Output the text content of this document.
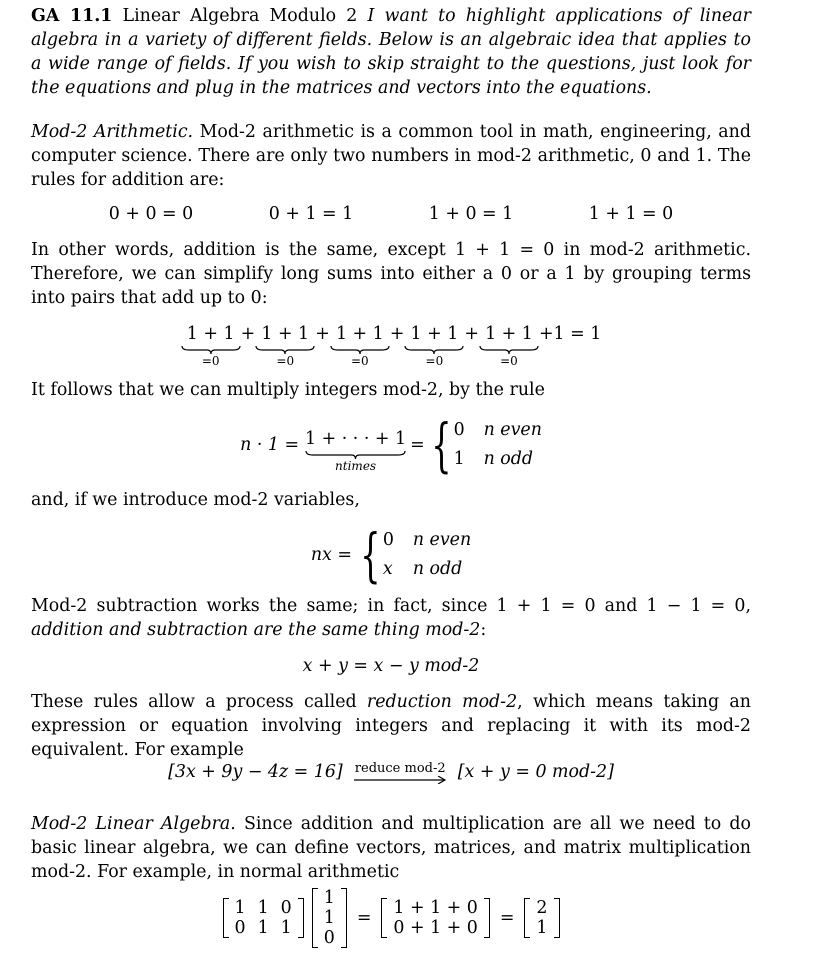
GA 11.1 Linear Algebra Modulo 2 I want to highlight applications of linear algebra in a variety of different fields. Below is an algebraic idea that applies to a wide range of fields. If you wish to skip straight to the questions, just look for the equations and plug in the matrices and vectors into the equations.

Mod-2 Arithmetic. Mod-2 arithmetic is a common tool in math, engineering, and computer science. There are only two numbers in mod-2 arithmetic, 0 and 1. The rules for addition are:

0 + 0 = 0	0 + 1 = 1	1 + 0 = 1	1 + 1 = 0

In other words, addition is the same, except 1 + 1 = 0 in mod-2 arithmetic. Therefore, we can simplify long sums into either a 0 or a 1 by grouping terms into pairs that add up to 0:

1 + 1
=0
+ 1 + 1
=0
+ 1 + 1
=0
+ 1 + 1
=0
+ 1 + 1
=0
+1 = 1

It follows that we can multiply integers mod-2, by the rule

n · 1 = 1 + · · · + 1
ntimes
= { 0 n even
1 n odd

and, if we introduce mod-2 variables,

nx = { 0 n even
x n odd

Mod-2 subtraction works the same; in fact, since 1 + 1 = 0 and 1 − 1 = 0, addition and subtraction are the same thing mod-2:

x + y = x − y mod-2

These rules allow a process called reduction mod-2, which means taking an expression or equation involving integers and replacing it with its mod-2 equivalent. For example

[3x + 9y − 4z = 16] reduce mod-2 [x + y = 0 mod-2]

Mod-2 Linear Algebra. Since addition and multiplication are all we need to do basic linear algebra, we can define vectors, matrices, and matrix multiplication mod-2. For example, in normal arithmetic

1 1 0
0 1 1
1
1
0
=	1 + 1 + 0
0 + 1 + 0	=	2
1
